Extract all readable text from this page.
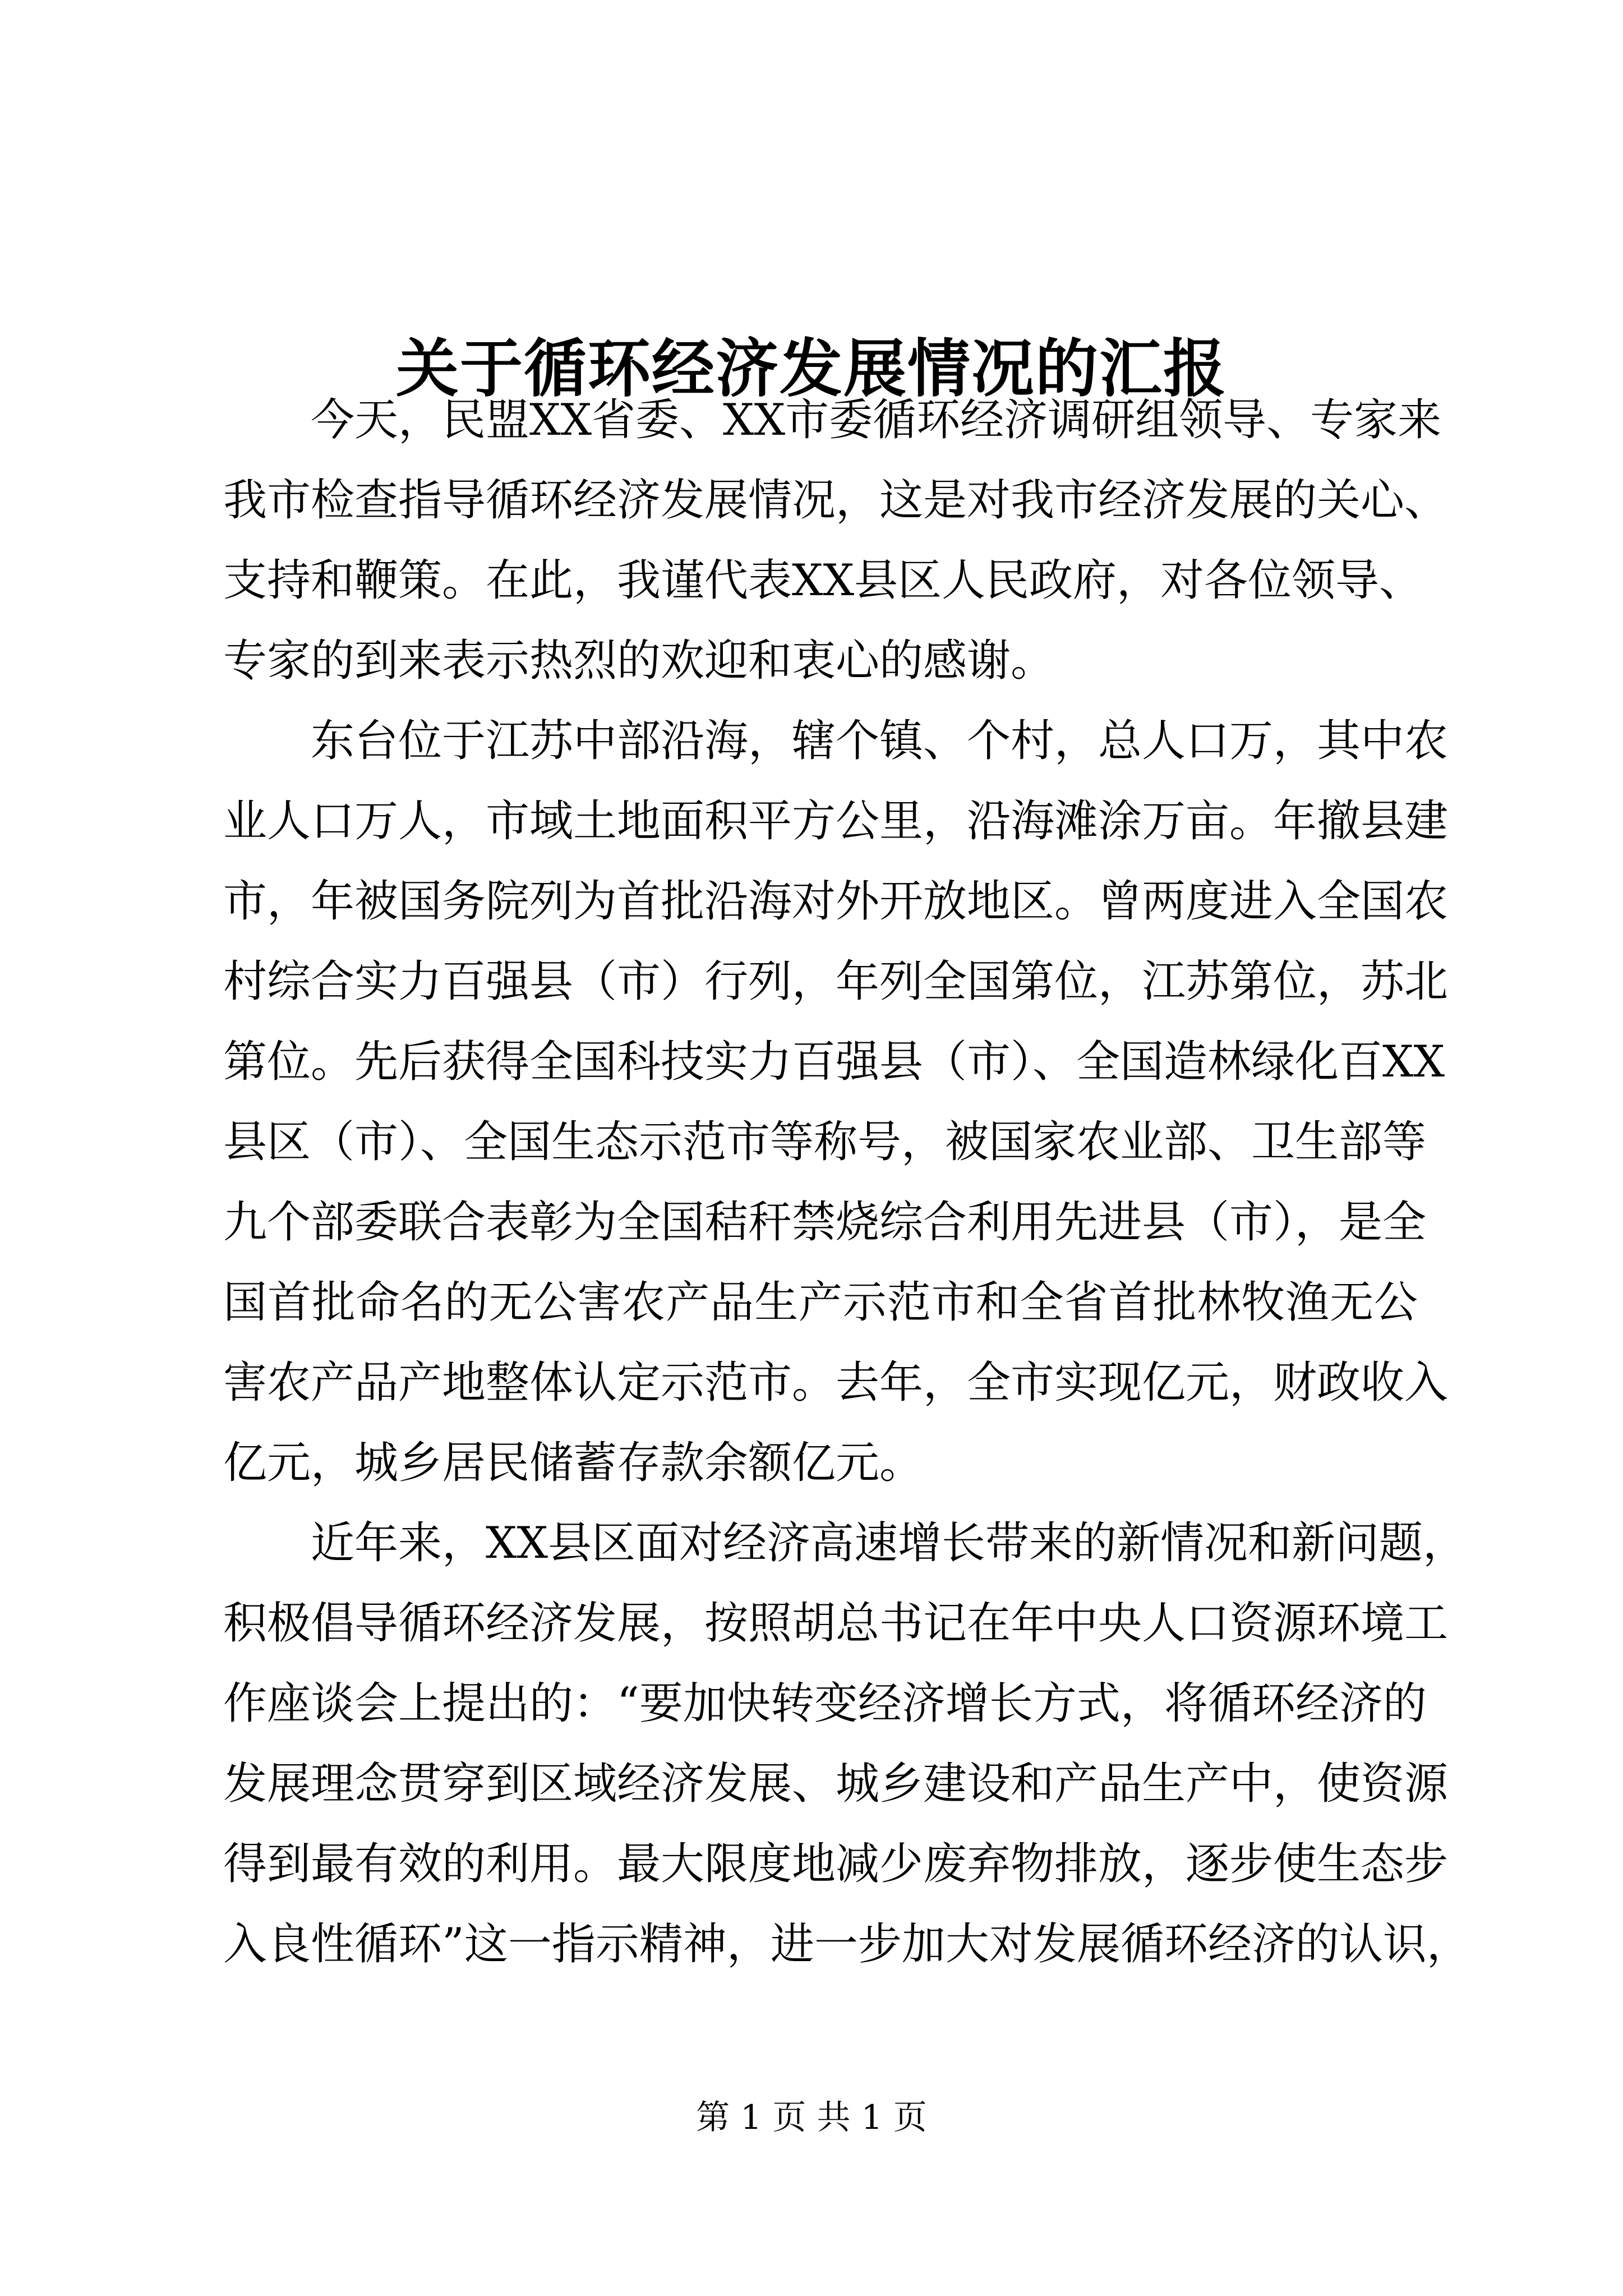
关于循环经济发展情况的汇报
今天，民盟XX省委、XX市委循环经济调研组领导、专家来
我市检查指导循环经济发展情况，这是对我市经济发展的关心、
支持和鞭策。在此，我谨代表XX县区人民政府，对各位领导、
专家的到来表示热烈的欢迎和衷心的感谢。
东台位于江苏中部沿海，辖个镇、个村，总人口万，其中农
业人口万人，市域土地面积平方公里，沿海滩涂万亩。年撤县建
市，年被国务院列为首批沿海对外开放地区。曾两度进入全国农
村综合实力百强县（市）行列，年列全国第位，江苏第位，苏北
第位。先后获得全国科技实力百强县（市）、全国造林绿化百XX
县区（市）、全国生态示范市等称号，被国家农业部、卫生部等
九个部委联合表彰为全国秸秆禁烧综合利用先进县（市），是全
国首批命名的无公害农产品生产示范市和全省首批林牧渔无公
害农产品产地整体认定示范市。去年，全市实现亿元，财政收入
亿元，城乡居民储蓄存款余额亿元。
近年来，XX县区面对经济高速增长带来的新情况和新问题，
积极倡导循环经济发展，按照胡总书记在年中央人口资源环境工
作座谈会上提出的：“要加快转变经济增长方式，将循环经济的
发展理念贯穿到区域经济发展、城乡建设和产品生产中，使资源
得到最有效的利用。最大限度地减少废弃物排放，逐步使生态步
入良性循环”这一指示精神，进一步加大对发展循环经济的认识，
第 1 页 共 1 页
